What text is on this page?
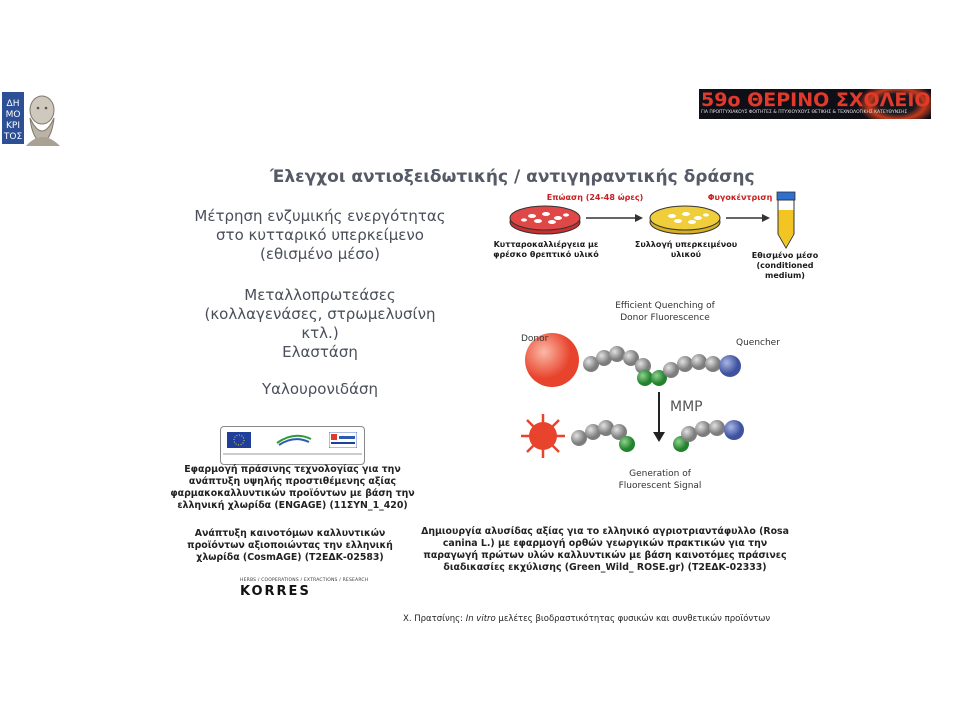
ΔΗ
ΜΟ
ΚΡΙ
ΤΟΣ
59ο ΘΕΡΙΝΟ ΣΧΟΛΕΙΟ
ΓΙΑ ΠΡΟΠΤΥΧΙΑΚΟΥΣ ΦΟΙΤΗΤΕΣ & ΠΤΥΧΙΟΥΧΟΥΣ ΘΕΤΙΚΗΣ & ΤΕΧΝΟΛΟΓΙΚΗΣ ΚΑΤΕΥΘΥΝΣΗΣ
Έλεγχοι αντιοξειδωτικής / αντιγηραντικής δράσης
Μέτρηση ενζυμικής ενεργότητας στο κυτταρικό υπερκείμενο (εθισμένο μέσο)
Μεταλλοπρωτεάσες (κολλαγενάσες, στρωμελυσίνη κτλ.)
Ελαστάση
Υαλουρονιδάση
Επώαση (24-48 ώρες)	Φυγοκέντριση
Κυτταροκαλλιέργεια με φρέσκο θρεπτικό υλικό
Συλλογή υπερκειμένου υλικού	Εθισμένο μέσο
(conditioned medium)
Efficient Quenching of Donor Fluorescence
Donor	Quencher
MMP
Generation of Fluorescent Signal
Εφαρμογή πράσινης τεχνολογίας για την ανάπτυξη υψηλής προστιθέμενης αξίας φαρμακοκαλλυντικών προϊόντων με βάση την ελληνική χλωρίδα (ENGAGE) (11ΣΥΝ_1_420)
Ανάπτυξη καινοτόμων καλλυντικών προϊόντων αξιοποιώντας την ελληνική χλωρίδα (CosmAGE) (Τ2ΕΔΚ-02583)
Δημιουργία αλυσίδας αξίας για το ελληνικό αγριοτριαντάφυλλο (Rosa canina L.) με εφαρμογή ορθών γεωργικών πρακτικών για την παραγωγή πρώτων υλών καλλυντικών με βάση καινοτόμες πράσινες διαδικασίες εκχύλισης (Green_Wild_ ROSE.gr) (Τ2ΕΔΚ-02333)
HERBS / COOPERATIONS / EXTRACTIONS / RESEARCH
KORRES
Χ. Πρατσίνης: In vitro μελέτες βιοδραστικότητας φυσικών και συνθετικών προϊόντων
